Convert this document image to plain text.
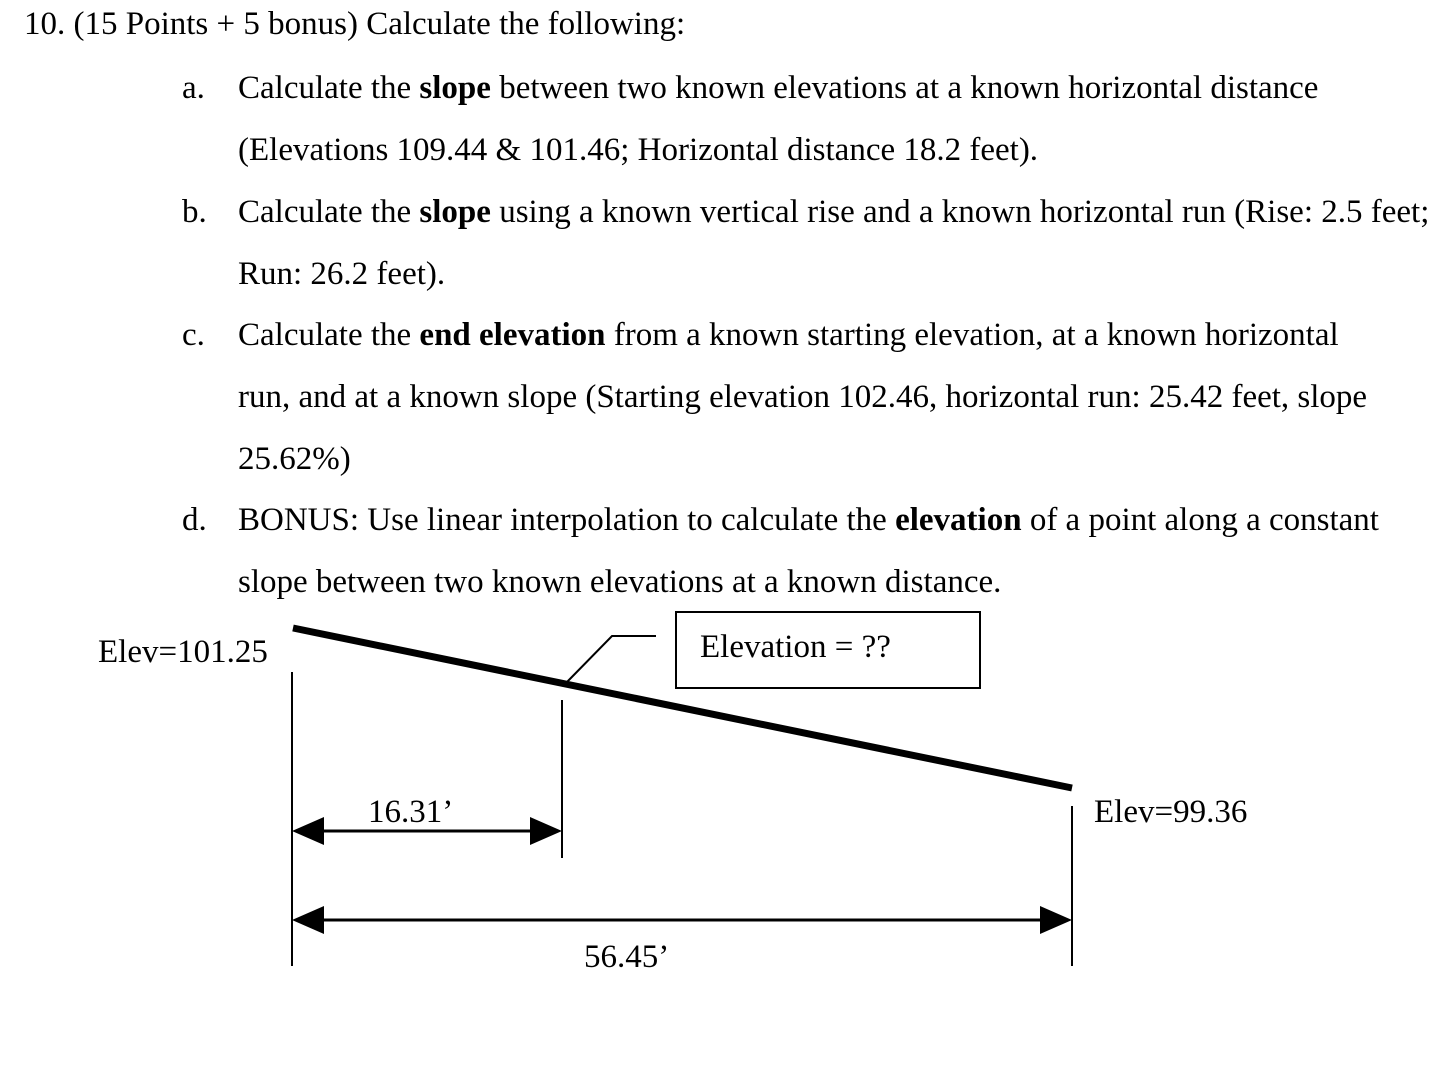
10. (15 Points + 5 bonus) Calculate the following:
a. Calculate the slope between two known elevations at a known horizontal distance (Elevations 109.44 & 101.46; Horizontal distance 18.2 feet).
b. Calculate the slope using a known vertical rise and a known horizontal run (Rise: 2.5 feet; Run: 26.2 feet).
c. Calculate the end elevation from a known starting elevation, at a known horizontal run, and at a known slope (Starting elevation 102.46, horizontal run: 25.42 feet, slope 25.62%)
d. BONUS: Use linear interpolation to calculate the elevation of a point along a constant slope between two known elevations at a known distance.
Elevation = ??
Elev=101.25
Elev=99.36
16.31’
56.45’
